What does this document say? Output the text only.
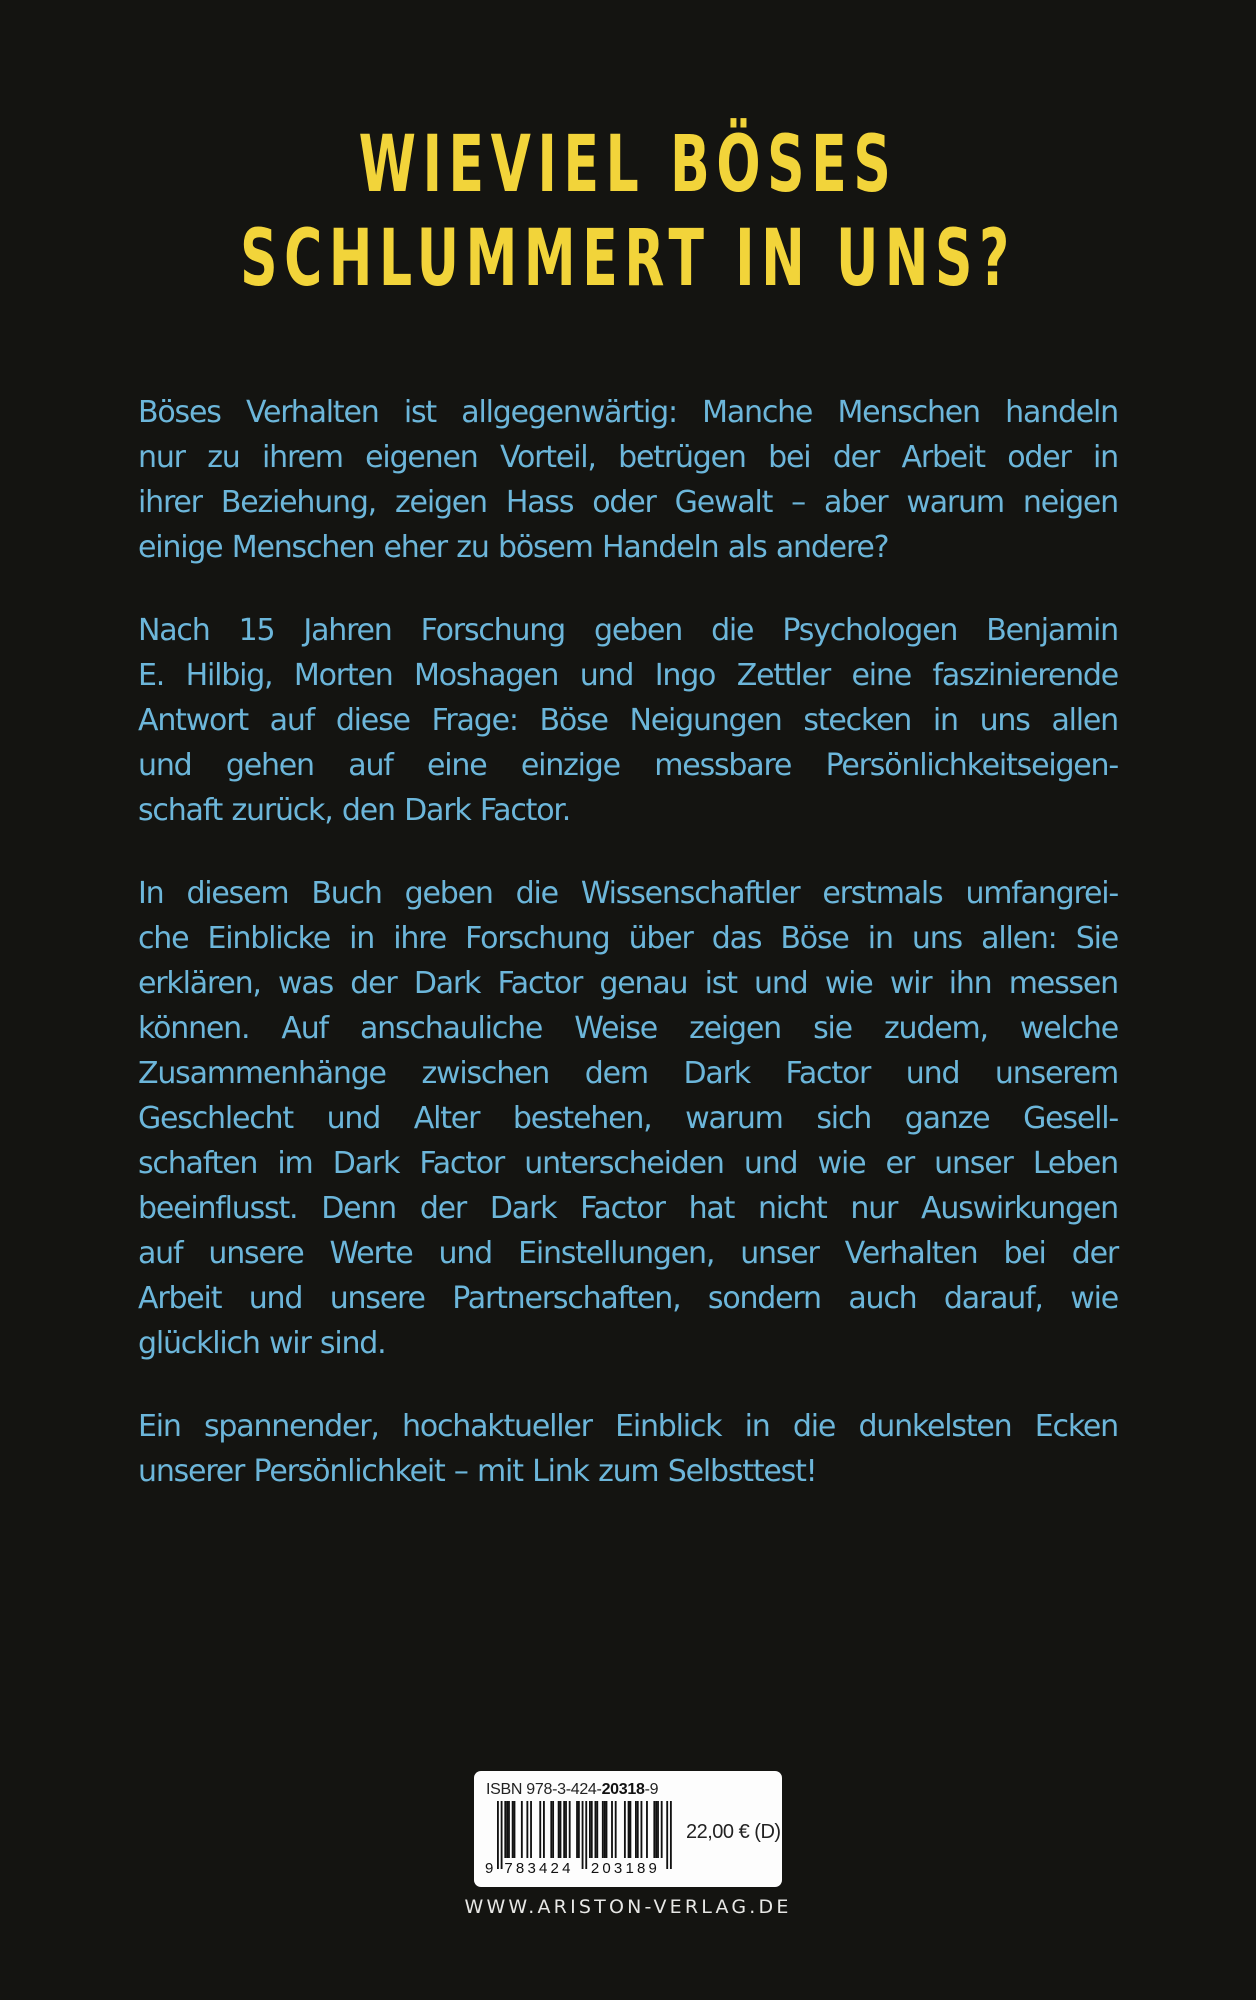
WIEVIEL BÖSES
SCHLUMMERT IN UNS?

Böses Verhalten ist allgegenwärtig: Manche Menschen handeln
nur zu ihrem eigenen Vorteil, betrügen bei der Arbeit oder in
ihrer Beziehung, zeigen Hass oder Gewalt – aber warum neigen
einige Menschen eher zu bösem Handeln als andere?

Nach 15 Jahren Forschung geben die Psychologen Benjamin
E. Hilbig, Morten Moshagen und Ingo Zettler eine faszinierende
Antwort auf diese Frage: Böse Neigungen stecken in uns allen
und gehen auf eine einzige messbare Persönlichkeitseigen-
schaft zurück, den Dark Factor.

In diesem Buch geben die Wissenschaftler erstmals umfangrei-
che Einblicke in ihre Forschung über das Böse in uns allen: Sie
erklären, was der Dark Factor genau ist und wie wir ihn messen
können. Auf anschauliche Weise zeigen sie zudem, welche
Zusammenhänge zwischen dem Dark Factor und unserem
Geschlecht und Alter bestehen, warum sich ganze Gesell-
schaften im Dark Factor unterscheiden und wie er unser Leben
beeinflusst. Denn der Dark Factor hat nicht nur Auswirkungen
auf unsere Werte und Einstellungen, unser Verhalten bei der
Arbeit und unsere Partnerschaften, sondern auch darauf, wie
glücklich wir sind.

Ein spannender, hochaktueller Einblick in die dunkelsten Ecken
unserer Persönlichkeit – mit Link zum Selbsttest!

ISBN 978-3-424-20318-9
9 783424 203189
22,00 € (D)
WWW.ARISTON-VERLAG.DE
